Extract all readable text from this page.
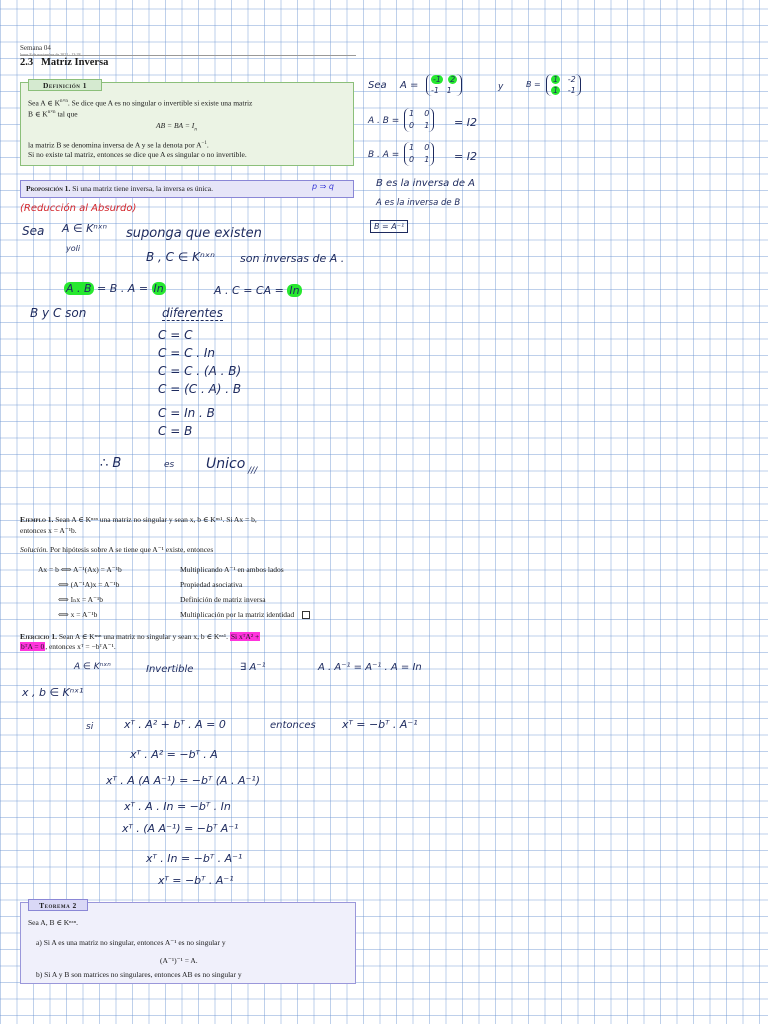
Semana 04
lunes 8 de noviembre de 2021 · 13:28
2.3 Matriz Inversa
Definición 1
Sea A ∈ $K^{n\times n}$. Se dice que A es no singular o invertible si existe una matriz
B ∈ $K^{n\times n}$ tal que
AB = BA = $I_n$
la matriz B se denomina inversa de A y se la denota por $A^{-1}$.
Si no existe tal matriz, entonces se dice que A es singular o no invertible.
Sea A =
-1 2
-1 1	y	B =
1 -2
1 -1
A . B =
1 0
0 1	= I2
B . A =
1 0
0 1	= I2
B es la inversa de A
A es la inversa de B
B = A⁻¹
Proposición 1. Si una matriz tiene inversa, la inversa es única.	p ⇒ q
(Reducción al Absurdo)
Sea A ∈ Kⁿˣⁿ suponga que existen
yoli
B , C ∈ Kⁿˣⁿ son inversas de A .
A . B = B . A = In	A . C = CA = In
B y C son	diferentes
C = C
C = C . In
C = C . (A . B)
C = (C . A) . B
C = In . B
C = B
∴ B	es Unico ///
Ejemplo 1. Sean A ∈ Kⁿˣⁿ una matriz no singular y sean x, b ∈ Kⁿˣ¹. Si Ax = b,
entonces x = A⁻¹b.
Solución. Por hipótesis sobre A se tiene que A⁻¹ existe, entonces
Ax = b ⟺ A⁻¹(Ax) = A⁻¹b	Multiplicando A⁻¹ en ambos lados
⟺ (A⁻¹A)x = A⁻¹b	Propiedad asociativa
⟺ Iₙx = A⁻¹b	Definición de matriz inversa
⟺ x = A⁻¹b	Multiplicación por la matriz identidad
Ejercicio 1. Sean A ∈ Kⁿˣⁿ una matriz no singular y sean x, b ∈ Kⁿˣ¹. Si xᵀA² +
bᵀA = 0, entonces xᵀ = −bᵀA⁻¹.
A ∈ Kⁿˣⁿ	Invertible	∃ A⁻¹	A . A⁻¹ = A⁻¹ . A = In
x , b ∈ Kⁿˣ¹
si	xᵀ . A² + bᵀ . A = 0	entonces xᵀ = −bᵀ . A⁻¹
xᵀ . A² = −bᵀ . A
xᵀ . A (A A⁻¹) = −bᵀ (A . A⁻¹)
xᵀ . A . In = −bᵀ . In
xᵀ . (A A⁻¹) = −bᵀ A⁻¹
xᵀ . In = −bᵀ . A⁻¹
xᵀ = −bᵀ . A⁻¹
Teorema 2
Sea A, B ∈ Kⁿˣⁿ.
a) Si A es una matriz no singular, entonces A⁻¹ es no singular y
(A⁻¹)⁻¹ = A.
b) Si A y B son matrices no singulares, entonces AB es no singular y
